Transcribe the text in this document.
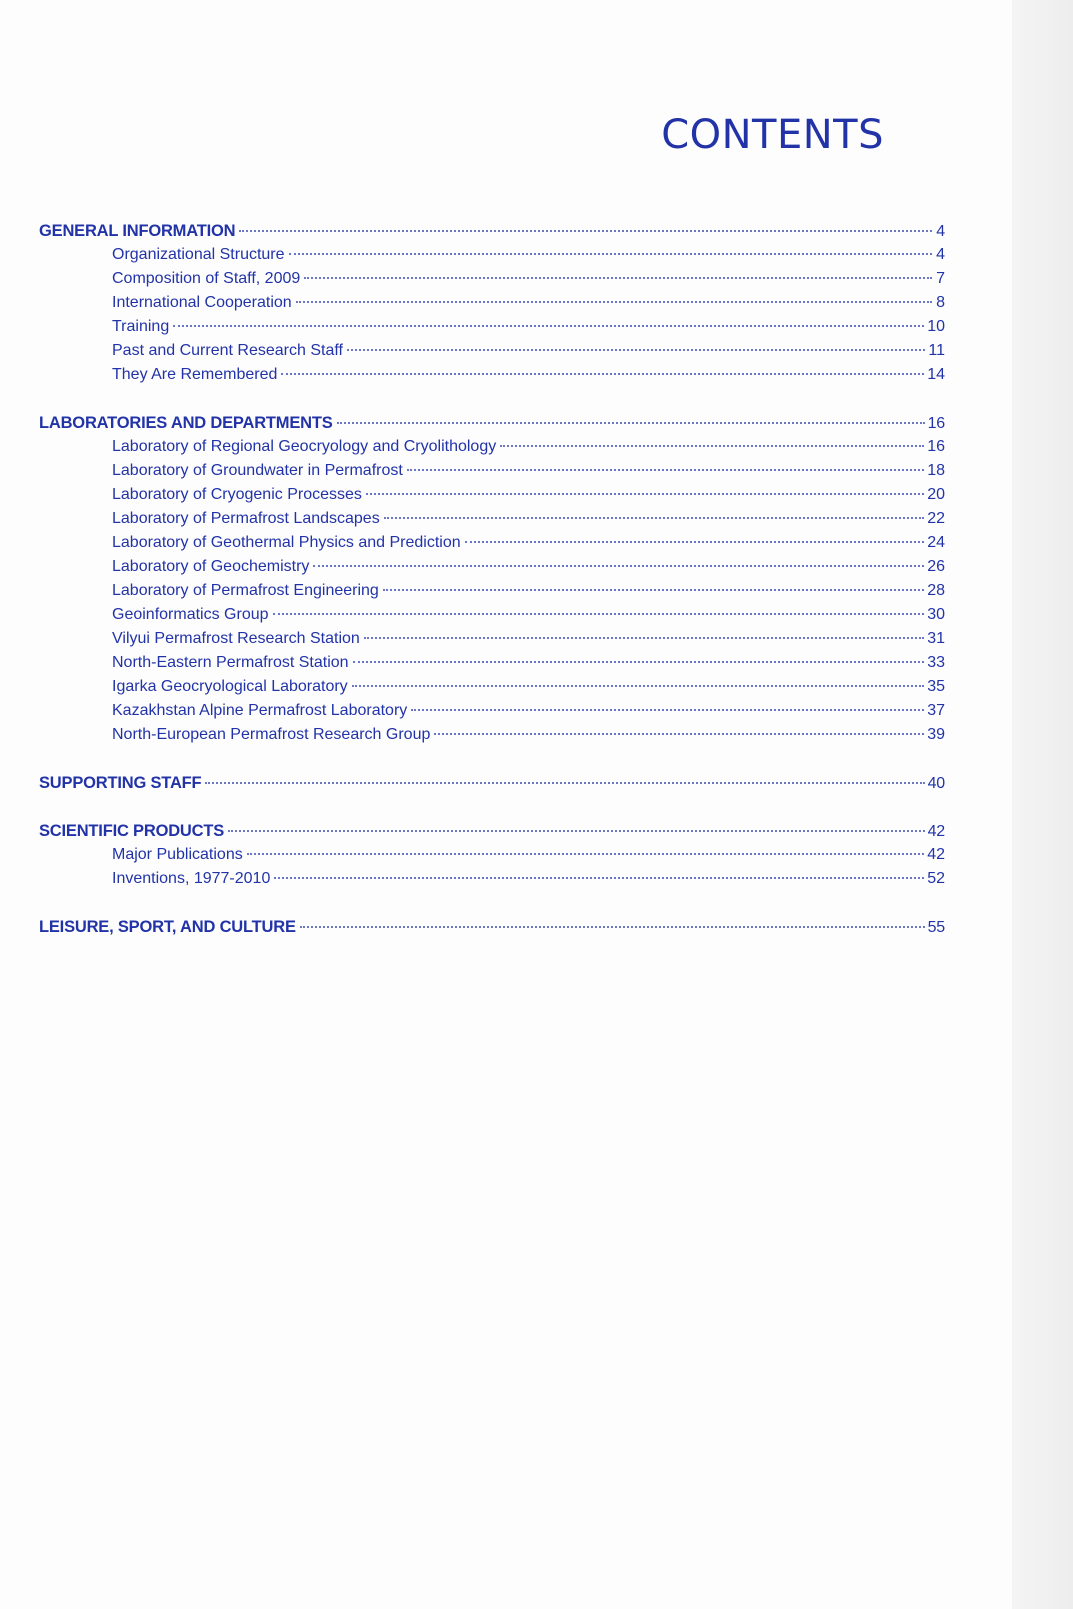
CONTENTS
GENERAL INFORMATION	4
Organizational Structure	4
Composition of Staff, 2009	7
International Cooperation	8
Training	10
Past and Current Research Staff	11
They Are Remembered	14
LABORATORIES AND DEPARTMENTS	16
Laboratory of Regional Geocryology and Cryolithology	16
Laboratory of Groundwater in Permafrost	18
Laboratory of Cryogenic Processes	20
Laboratory of Permafrost Landscapes	22
Laboratory of Geothermal Physics and Prediction	24
Laboratory of Geochemistry	26
Laboratory of Permafrost Engineering	28
Geoinformatics Group	30
Vilyui Permafrost Research Station	31
North-Eastern Permafrost Station	33
Igarka Geocryological Laboratory	35
Kazakhstan Alpine Permafrost Laboratory	37
North-European Permafrost Research Group	39
SUPPORTING STAFF	40
SCIENTIFIC PRODUCTS	42
Major Publications	42
Inventions, 1977-2010	52
LEISURE, SPORT, AND CULTURE	55
